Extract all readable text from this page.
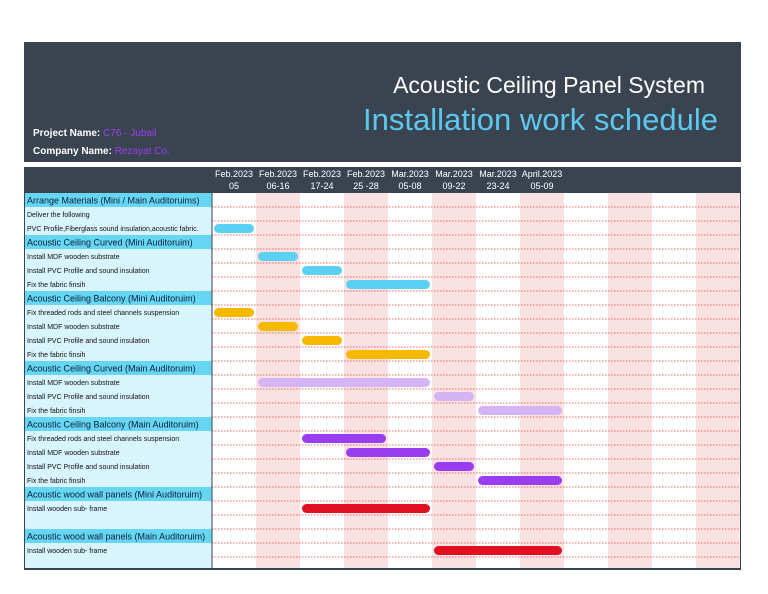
Acoustic Ceiling Panel System
Installation work schedule
Project Name: C76 - Jubail
Company Name: Rezayat Co.
Feb.2023
05
Feb.2023
06-16
Feb.2023
17-24
Feb.2023
25 -28
Mar.2023
05-08
Mar.2023
09-22
Mar.2023
23-24
April.2023
05-09
Arrange Materials (Mini / Main Auditoruims)
Deliver the following
PVC Profile,Fiberglass sound insulation,acoustic fabric.
Acoustic Ceiling Curved (Mini Auditoruim)
Install MDF wooden substrate
Install PVC Profile and sound insulation
Fix the fabric finsih
Acoustic Ceiling Balcony (Mini Auditoruim)
Fix threaded rods and steel channels suspension
Install MDF wooden substrate
Install PVC Profile and sound insulation
Fix the fabric finsih
Acoustic Ceiling Curved (Main Auditoruim)
Install MDF wooden substrate
Install PVC Profile and sound insulation
Fix the fabric finsih
Acoustic Ceiling Balcony (Main Auditoruim)
Fix threaded rods and steel channels suspension
Install MDF wooden substrate
Install PVC Profile and sound insulation
Fix the fabric finsih
Acoustic wood wall panels (Mini Auditoruim)
Install wooden sub- frame
Acoustic wood wall panels (Main Auditoruim)
Install wooden sub- frame
